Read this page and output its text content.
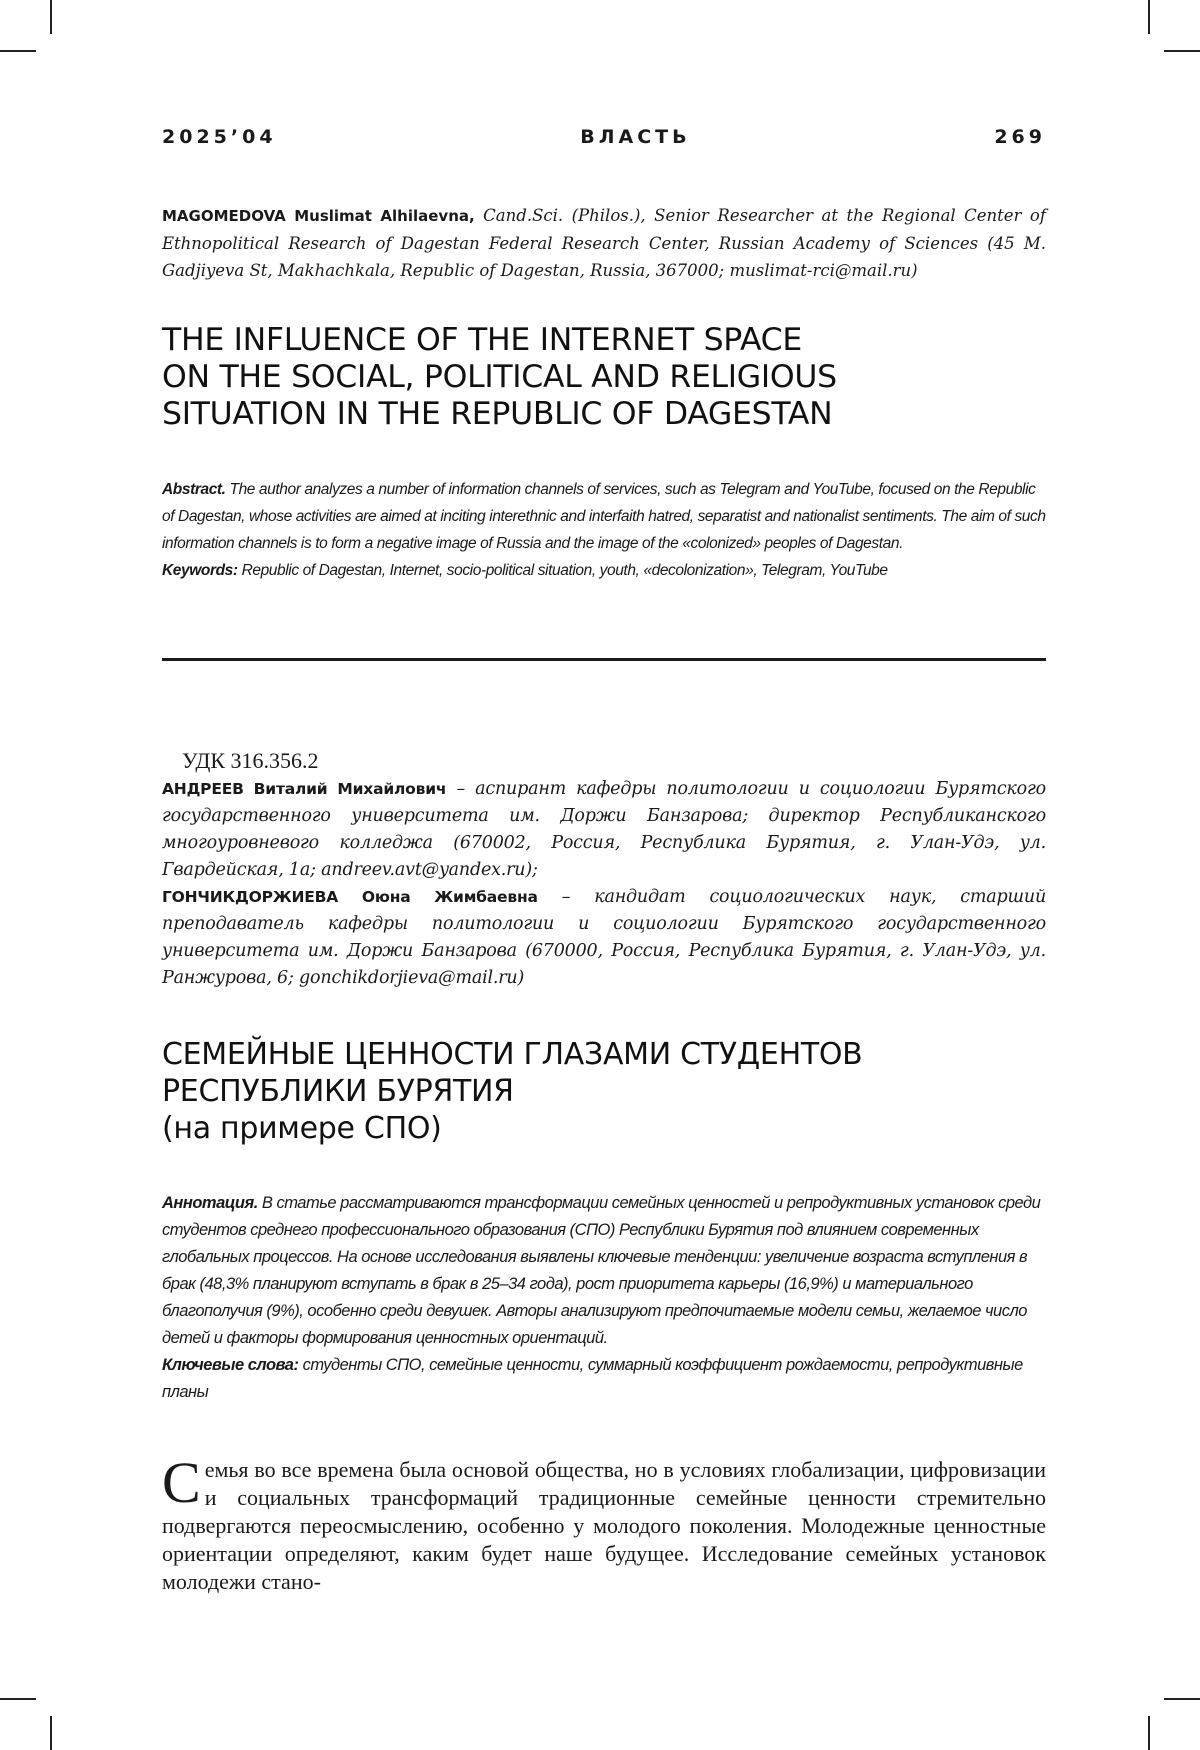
2025’04	ВЛАСТЬ	269
MAGOMEDOVA Muslimat Alhilaevna, Cand.Sci. (Philos.), Senior Researcher at the Regional Center of Ethnopolitical Research of Dagestan Federal Research Center, Russian Academy of Sciences (45 M. Gadjiyeva St, Makhachkala, Republic of Dagestan, Russia, 367000; muslimat-rci@mail.ru)
THE INFLUENCE OF THE INTERNET SPACE
ON THE SOCIAL, POLITICAL AND RELIGIOUS
SITUATION IN THE REPUBLIC OF DAGESTAN
Abstract. The author analyzes a number of information channels of services, such as Telegram and YouTube, focused on the Republic of Dagestan, whose activities are aimed at inciting interethnic and interfaith hatred, separatist and nationalist sentiments. The aim of such information channels is to form a negative image of Russia and the image of the «colonized» peoples of Dagestan.
Keywords: Republic of Dagestan, Internet, socio-political situation, youth, «decolonization», Telegram, YouTube
УДК 316.356.2

АНДРЕЕВ Виталий Михайлович – аспирант кафедры политологии и социологии Бурятского государственного университета им. Доржи Банзарова; директор Республиканского многоуровневого колледжа (670002, Россия, Республика Бурятия, г. Улан-Удэ, ул. Гвардейская, 1а; andreev.avt@yandex.ru);

ГОНЧИКДОРЖИЕВА Оюна Жимбаевна – кандидат социологических наук, старший преподаватель кафедры политологии и социологии Бурятского государственного университета им. Доржи Банзарова (670000, Россия, Республика Бурятия, г. Улан-Удэ, ул. Ранжурова, 6; gonchikdorjieva@mail.ru)

СЕМЕЙНЫЕ ЦЕННОСТИ ГЛАЗАМИ СТУДЕНТОВ
РЕСПУБЛИКИ БУРЯТИЯ
(на примере СПО)
Аннотация. В статье рассматриваются трансформации семейных ценностей и репродуктивных установок среди студентов среднего профессионального образования (СПО) Республики Бурятия под влиянием современных глобальных процессов. На основе исследования выявлены ключевые тенденции: увеличение возраста вступления в брак (48,3% планируют вступать в брак в 25–34 года), рост приоритета карьеры (16,9%) и материального благополучия (9%), особенно среди девушек. Авторы анализируют предпочитаемые модели семьи, желаемое число детей и факторы формирования ценностных ориентаций.
Ключевые слова: студенты СПО, семейные ценности, суммарный коэффициент рождаемости, репродуктивные планы
Семья во все времена была основой общества, но в условиях глобализации, цифровизации и социальных трансформаций традиционные семейные ценности стремительно подвергаются переосмыслению, особенно у молодого поколения. Молодежные ценностные ориентации определяют, каким будет наше будущее. Исследование семейных установок молодежи стано-
